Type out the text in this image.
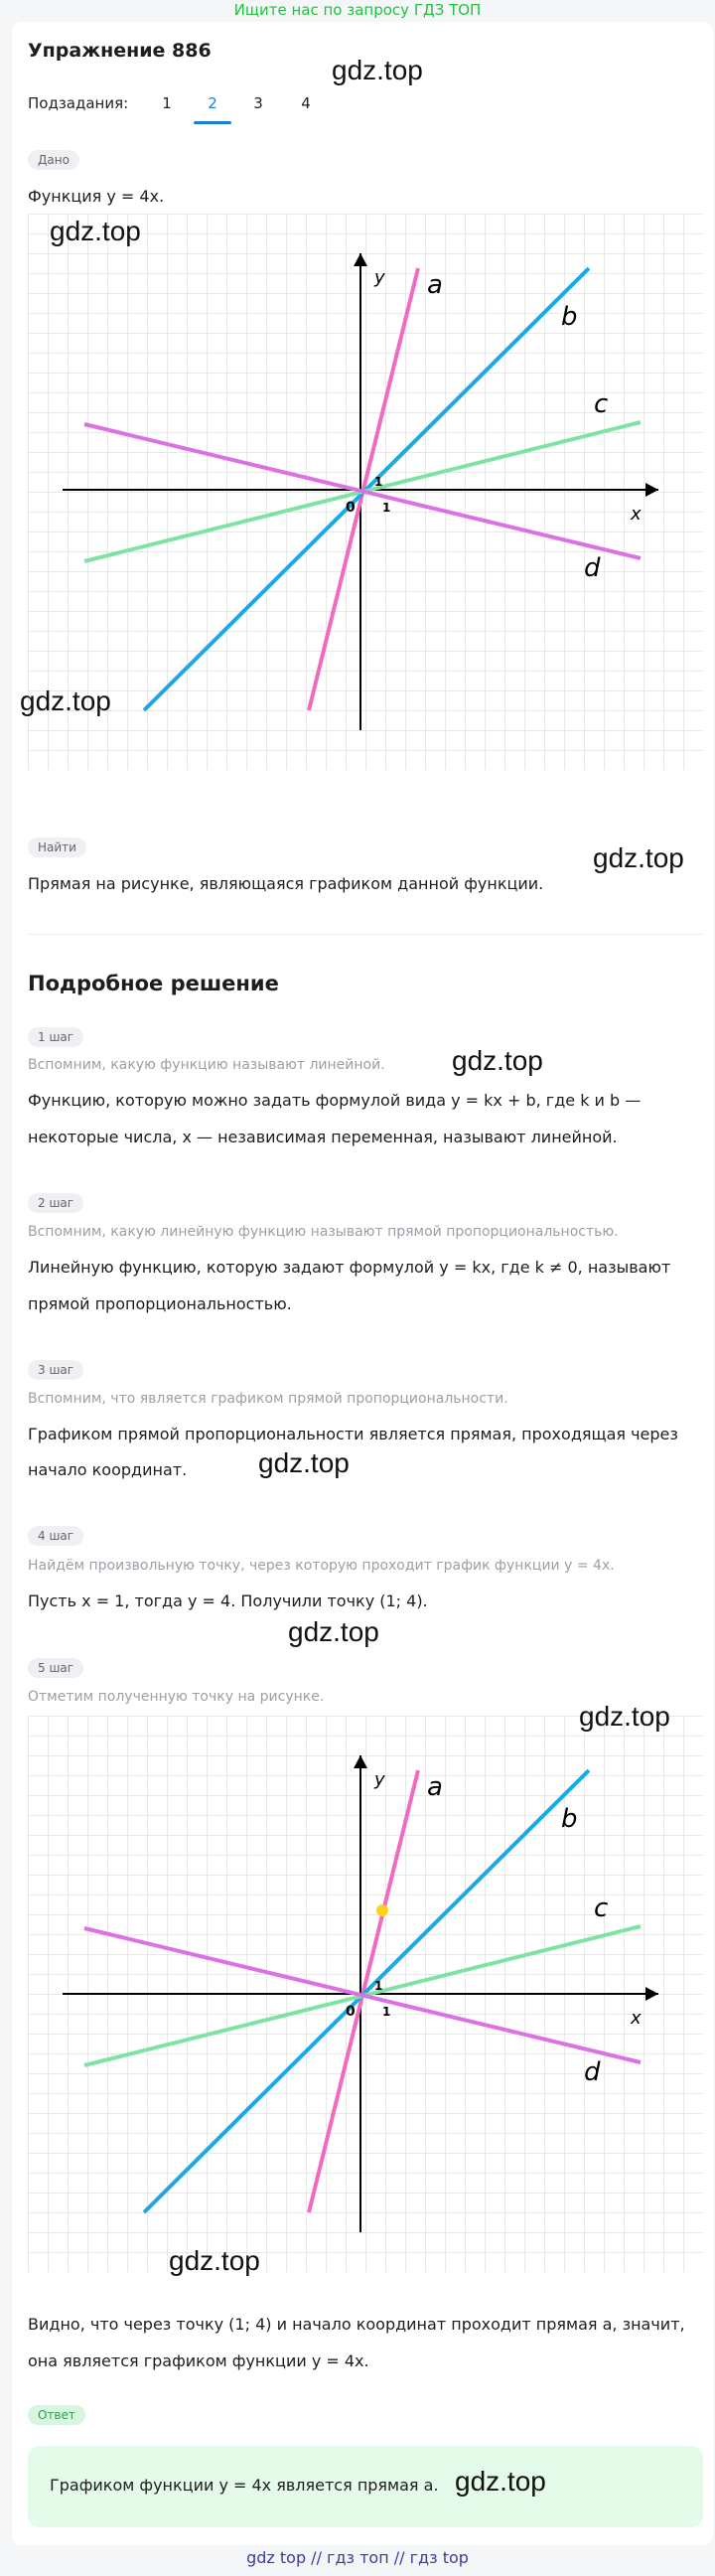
Ищите нас по запросу ГДЗ ТОП
Упражнение 886
gdz.top
Подзадания:	1	2	3	4
Дано
Функция y = 4x.
y
x
0
1
1
a
b
c
d
gdz.top
gdz.top
Найти	gdz.top
Прямая на рисунке, являющаяся графиком данной функции.
Подробное решение
1 шаг
gdz.top
Вспомним, какую функцию называют линейной.
Функцию, которую можно задать формулой вида y = kx + b, где k и b —
некоторые числа, x — независимая переменная, называют линейной.
2 шаг
Вспомним, какую линейную функцию называют прямой пропорциональностью.
Линейную функцию, которую задают формулой y = kx, где k ≠ 0, называют
прямой пропорциональностью.
3 шаг
Вспомним, что является графиком прямой пропорциональности.
Графиком прямой пропорциональности является прямая, проходящая через
начало координат.	gdz.top
4 шаг
Найдём произвольную точку, через которую проходит график функции y = 4x.
Пусть x = 1, тогда y = 4. Получили точку (1; 4).
gdz.top
5 шаг
Отметим полученную точку на рисунке.
y
x
0
1
1
a
b
c
d
gdz.top
gdz.top
Видно, что через точку (1; 4) и начало координат проходит прямая a, значит,
она является графиком функции y = 4x.
Ответ
Графиком функции y = 4x является прямая a. gdz.top
gdz top // гдз топ // гдз top
